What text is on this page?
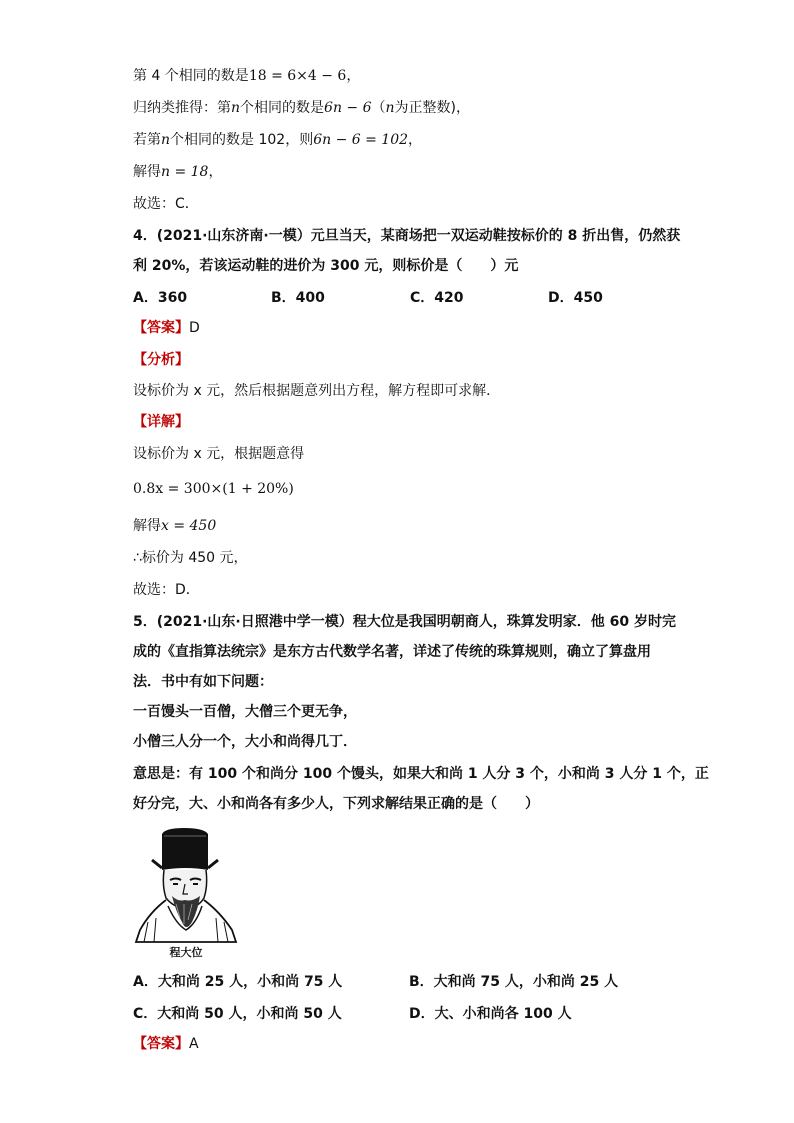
第 4 个相同的数是18 = 6×4 − 6，
归纳类推得：第n个相同的数是6n − 6（n为正整数)，
若第n个相同的数是 102，则6n − 6 = 102，
解得n = 18，
故选：C．
4．(2021·山东济南·一模）元旦当天，某商场把一双运动鞋按标价的 8 折出售，仍然获
利 20%，若该运动鞋的进价为 300 元，则标价是（　　）元
A．360	B．400	C．420	D．450
【答案】D
【分析】
设标价为 x 元，然后根据题意列出方程，解方程即可求解．
【详解】
设标价为 x 元，根据题意得
0.8x = 300×(1 + 20%)
解得x = 450
∴标价为 450 元，
故选：D．
5．(2021·山东·日照港中学一模）程大位是我国明朝商人，珠算发明家．他 60 岁时完
成的《直指算法统宗》是东方古代数学名著，详述了传统的珠算规则，确立了算盘用
法．书中有如下问题：
一百馒头一百僧，大僧三个更无争，
小僧三人分一个，大小和尚得几丁．
意思是：有 100 个和尚分 100 个馒头，如果大和尚 1 人分 3 个，小和尚 3 人分 1 个，正
好分完，大、小和尚各有多少人，下列求解结果正确的是（　　）
程大位
A．大和尚 25 人，小和尚 75 人	B．大和尚 75 人，小和尚 25 人
C．大和尚 50 人，小和尚 50 人	D．大、小和尚各 100 人
【答案】A
